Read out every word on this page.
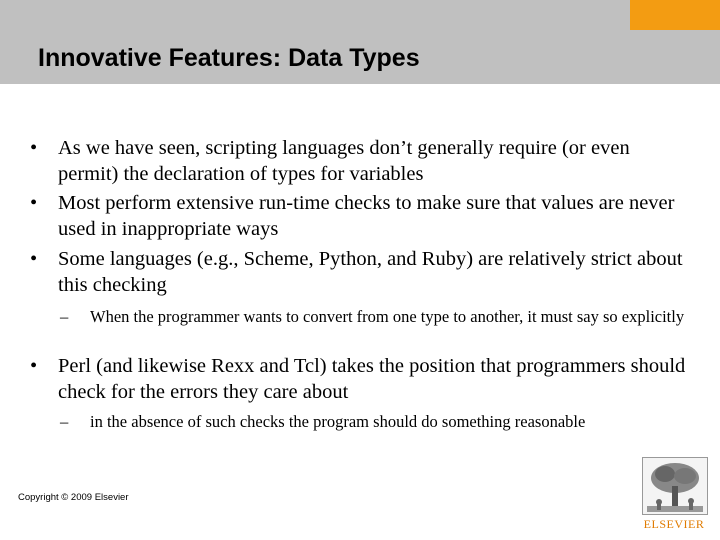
Innovative Features: Data Types
• As we have seen, scripting languages don’t generally require (or even permit) the declaration of types for variables
• Most perform extensive run-time checks to make sure that values are never used in inappropriate ways
• Some languages (e.g., Scheme, Python, and Ruby) are relatively strict about this checking
– When the programmer wants to convert from one type to another, it must say so explicitly
• Perl (and likewise Rexx and Tcl) takes the position that programmers should check for the errors they care about
– in the absence of such checks the program should do something reasonable
Copyright © 2009 Elsevier
ELSEVIER
